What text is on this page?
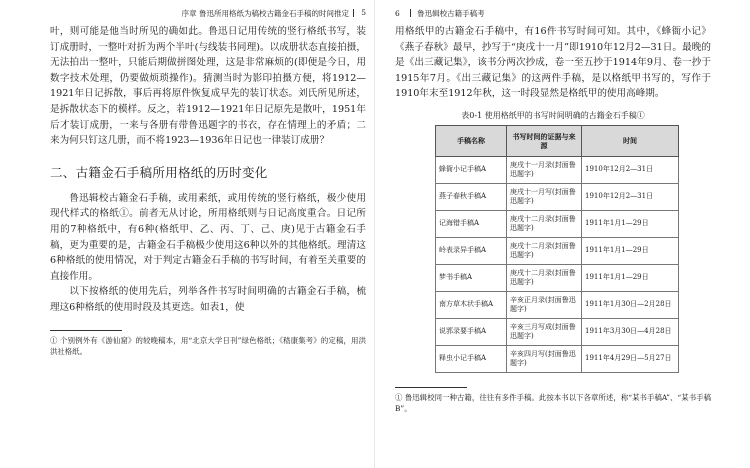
序章 鲁迅所用格纸为稿校古籍金石手稿的时间推定 5

叶，则可能是他当时所见的确如此。鲁迅日记用传统的竖行格纸书写，装订成册时，一整叶对折为两个半叶(与线装书同理)。以成册状态直接拍摄，无法拍出一整叶，只能后期做拼图处理，这是非常麻烦的(即便是今日，用数字技术处理，仍要做烦琐操作)。猜测当时为影印拍摄方便，将1912—1921年日记拆散，事后再将原件恢复成早先的装订状态。刘氏所见所述，是拆散状态下的模样。反之，若1912—1921年日记原先是散叶，1951年后才装订成册，一来与各册有带鲁迅题字的书衣，存在情理上的矛盾；二来为何只钉这几册，而不将1923—1936年日记也一律装订成册？

二、古籍金石手稿所用格纸的历时变化

鲁迅辑校古籍金石手稿，或用素纸，或用传统的竖行格纸，极少使用现代样式的格纸①。前者无从讨论，所用格纸则与日记高度重合。日记所用的7种格纸中，有6种(格纸甲、乙、丙、丁、己、庚)见于古籍金石手稿，更为重要的是，古籍金石手稿极少使用这6种以外的其他格纸。理清这6种格纸的使用情况，对于判定古籍金石手稿的书写时间，有着至关重要的直接作用。

以下按格纸的使用先后，列举各件书写时间明确的古籍金石手稿，梳理这6种格纸的使用时段及其更迭。如表1，使

① 个别例外有《游仙窟》的较晚稿本，用“北京大学日刊”绿色格纸；《嵇康集考》的定稿，用洪洪社格纸。
6 鲁迅辑校古籍手稿考

用格纸甲的古籍金石手稿中，有16件书写时间可知。其中，《蜂衙小记》《燕子春秋》最早，抄写于“庚戌十一月”即1910年12月2—31日。最晚的是《出三藏记集》，该书分两次抄成，卷一至五抄于1914年9月、卷一抄于1915年7月。《出三藏记集》的这两件手稿，是以格纸甲书写的，写作于1910年末至1912年秋，这一时段显然是格纸甲的使用高峰期。

表0-1 使用格纸甲的书写时间明确的古籍金石手稿①
手稿名称	书写时间的证据与来源	时间
蜂衙小记手稿A	庚戌十一月录(封面鲁迅题字)	1910年12月2—31日
燕子春秋手稿A	庚戌十一月写(封面鲁迅题字)	1910年12月2—31日
记海错手稿A	庚戌十二月录(封面鲁迅题字)	1911年1月1—29日
岭表录异手稿A	庚戌十二月录(封面鲁迅题字)	1911年1月1—29日
梦书手稿A	庚戌十二月录(封面鲁迅题字)	1911年1月1—29日
南方草木状手稿A	辛亥正月录(封面鲁迅题字)	1911年1月30日—2月28日
说郛录要手稿A	辛亥三月写成(封面鲁迅题字)	1911年3月30日—4月28日
释虫小记手稿A	辛亥四月写(封面鲁迅题字)	1911年4月29日—5月27日
① 鲁迅辑校同一种古籍，往往有多件手稿。此按本书以下各章所述，称“某书手稿A”、“某书手稿B”。
